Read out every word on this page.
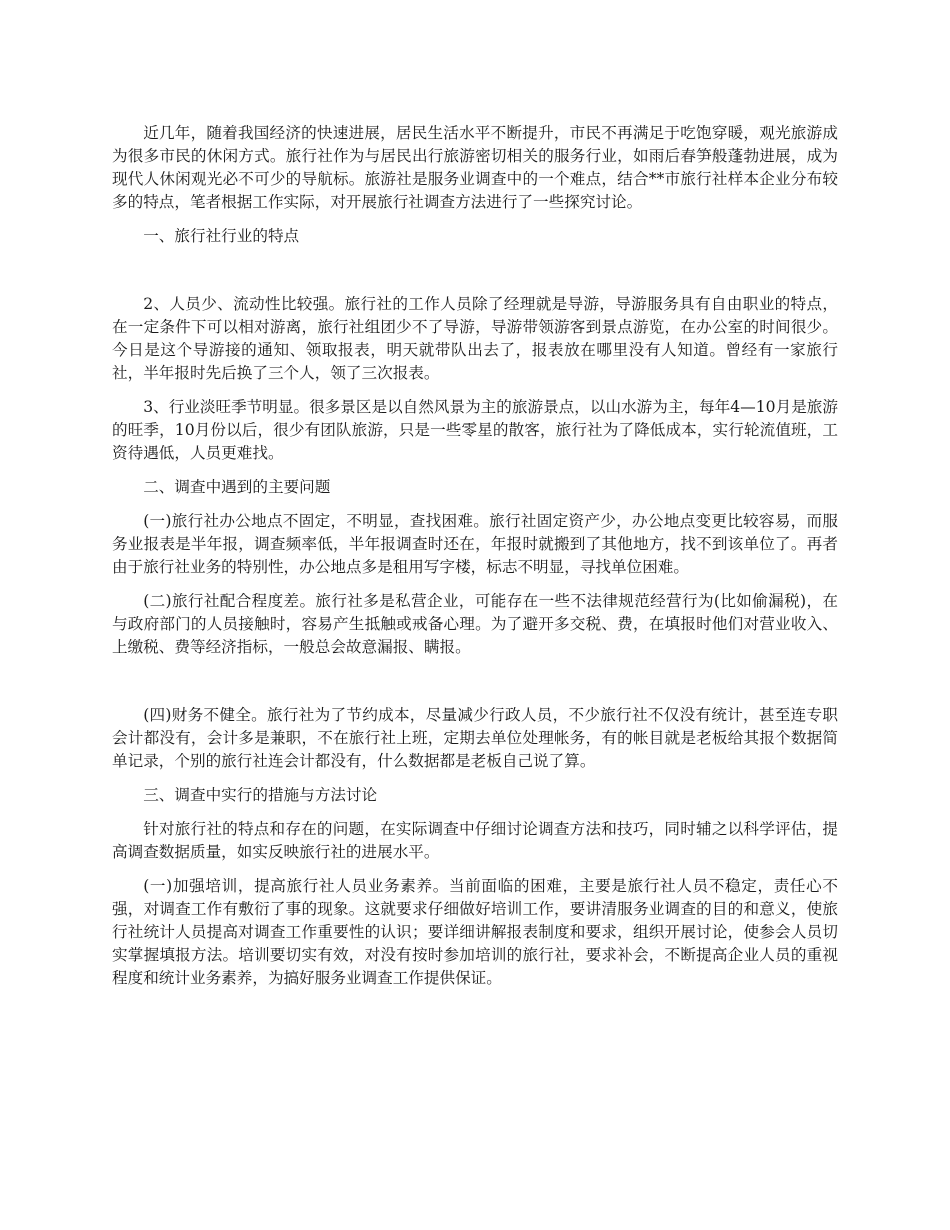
近几年，随着我国经济的快速进展，居民生活水平不断提升，市民不再满足于吃饱穿暖，观光旅游成为很多市民的休闲方式。旅行社作为与居民出行旅游密切相关的服务行业，如雨后春笋般蓬勃进展，成为现代人休闲观光必不可少的导航标。旅游社是服务业调查中的一个难点，结合**市旅行社样本企业分布较多的特点，笔者根据工作实际，对开展旅行社调查方法进行了一些探究讨论。

一、旅行社行业的特点

2、人员少、流动性比较强。旅行社的工作人员除了经理就是导游，导游服务具有自由职业的特点，在一定条件下可以相对游离，旅行社组团少不了导游，导游带领游客到景点游览，在办公室的时间很少。今日是这个导游接的通知、领取报表，明天就带队出去了，报表放在哪里没有人知道。曾经有一家旅行社，半年报时先后换了三个人，领了三次报表。

3、行业淡旺季节明显。很多景区是以自然风景为主的旅游景点，以山水游为主，每年4—10月是旅游的旺季，10月份以后，很少有团队旅游，只是一些零星的散客，旅行社为了降低成本，实行轮流值班，工资待遇低，人员更难找。

二、调查中遇到的主要问题

(一)旅行社办公地点不固定，不明显，查找困难。旅行社固定资产少，办公地点变更比较容易，而服务业报表是半年报，调查频率低，半年报调查时还在，年报时就搬到了其他地方，找不到该单位了。再者由于旅行社业务的特别性，办公地点多是租用写字楼，标志不明显，寻找单位困难。

(二)旅行社配合程度差。旅行社多是私营企业，可能存在一些不法律规范经营行为(比如偷漏税)，在与政府部门的人员接触时，容易产生抵触或戒备心理。为了避开多交税、费，在填报时他们对营业收入、上缴税、费等经济指标，一般总会故意漏报、瞒报。

(四)财务不健全。旅行社为了节约成本，尽量减少行政人员，不少旅行社不仅没有统计，甚至连专职会计都没有，会计多是兼职，不在旅行社上班，定期去单位处理帐务，有的帐目就是老板给其报个数据简单记录，个别的旅行社连会计都没有，什么数据都是老板自己说了算。

三、调查中实行的措施与方法讨论

针对旅行社的特点和存在的问题，在实际调查中仔细讨论调查方法和技巧，同时辅之以科学评估，提高调查数据质量，如实反映旅行社的进展水平。

(一)加强培训，提高旅行社人员业务素养。当前面临的困难，主要是旅行社人员不稳定，责任心不强，对调查工作有敷衍了事的现象。这就要求仔细做好培训工作，要讲清服务业调查的目的和意义，使旅行社统计人员提高对调查工作重要性的认识；要详细讲解报表制度和要求，组织开展讨论，使参会人员切实掌握填报方法。培训要切实有效，对没有按时参加培训的旅行社，要求补会，不断提高企业人员的重视程度和统计业务素养，为搞好服务业调查工作提供保证。
